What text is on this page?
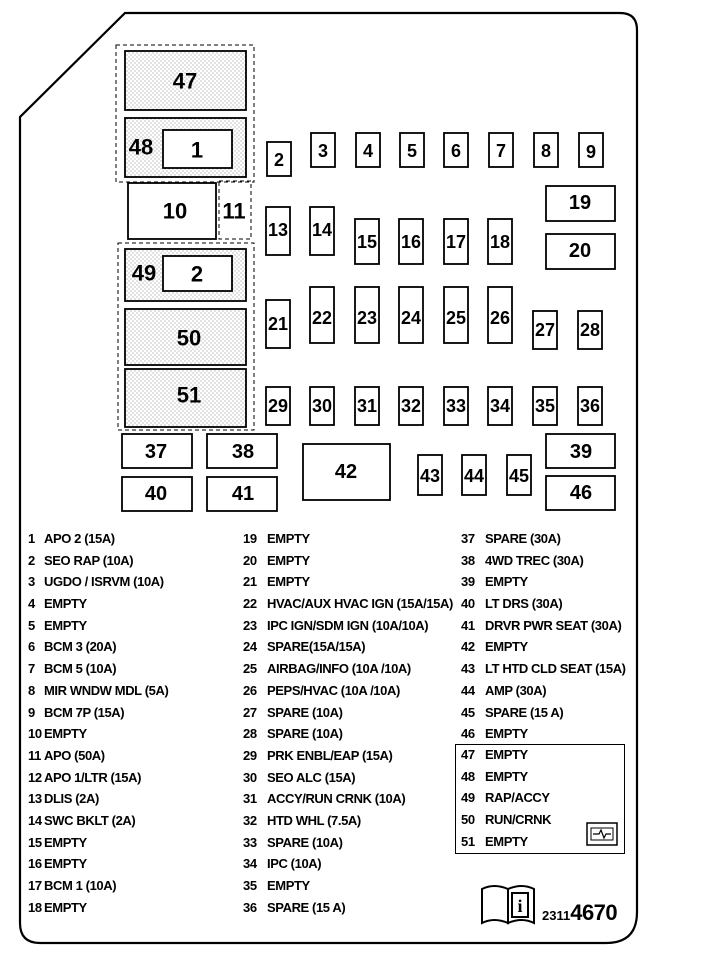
47
48 1
10 11
49 2
50
51
2 3 4 5 6 7 8 9
19
20
13 14
15 16 17 18
21 22 23 24 25 26
27 28
29 30 31 32 33 34 35 36
37	38
40	41
42	43 44 45
39
46
i
1 APO 2 (15A)
2 SEO RAP (10A)
3 UGDO / ISRVM (10A)
4 EMPTY
5 EMPTY
6 BCM 3 (20A)
7 BCM 5 (10A)
8 MIR WNDW MDL (5A)
9 BCM 7P (15A)
10 EMPTY
11 APO (50A)
12 APO 1/LTR (15A)
13 DLIS (2A)
14 SWC BKLT (2A)
15 EMPTY
16 EMPTY
17 BCM 1 (10A)
18 EMPTY
19 EMPTY
20 EMPTY
21 EMPTY
22 HVAC/AUX HVAC IGN (15A/15A)
23 IPC IGN/SDM IGN (10A/10A)
24 SPARE(15A/15A)
25 AIRBAG/INFO (10A /10A)
26 PEPS/HVAC (10A /10A)
27 SPARE (10A)
28 SPARE (10A)
29 PRK ENBL/EAP (15A)
30 SEO ALC (15A)
31 ACCY/RUN CRNK (10A)
32 HTD WHL (7.5A)
33 SPARE (10A)
34 IPC (10A)
35 EMPTY
36 SPARE (15 A)
37 SPARE (30A)
38 4WD TREC (30A)
39 EMPTY
40 LT DRS (30A)
41 DRVR PWR SEAT (30A)
42 EMPTY
43 LT HTD CLD SEAT (15A)
44 AMP (30A)
45 SPARE (15 A)
46 EMPTY
47 EMPTY
48 EMPTY
49 RAP/ACCY
50 RUN/CRNK
51 EMPTY
23114670
